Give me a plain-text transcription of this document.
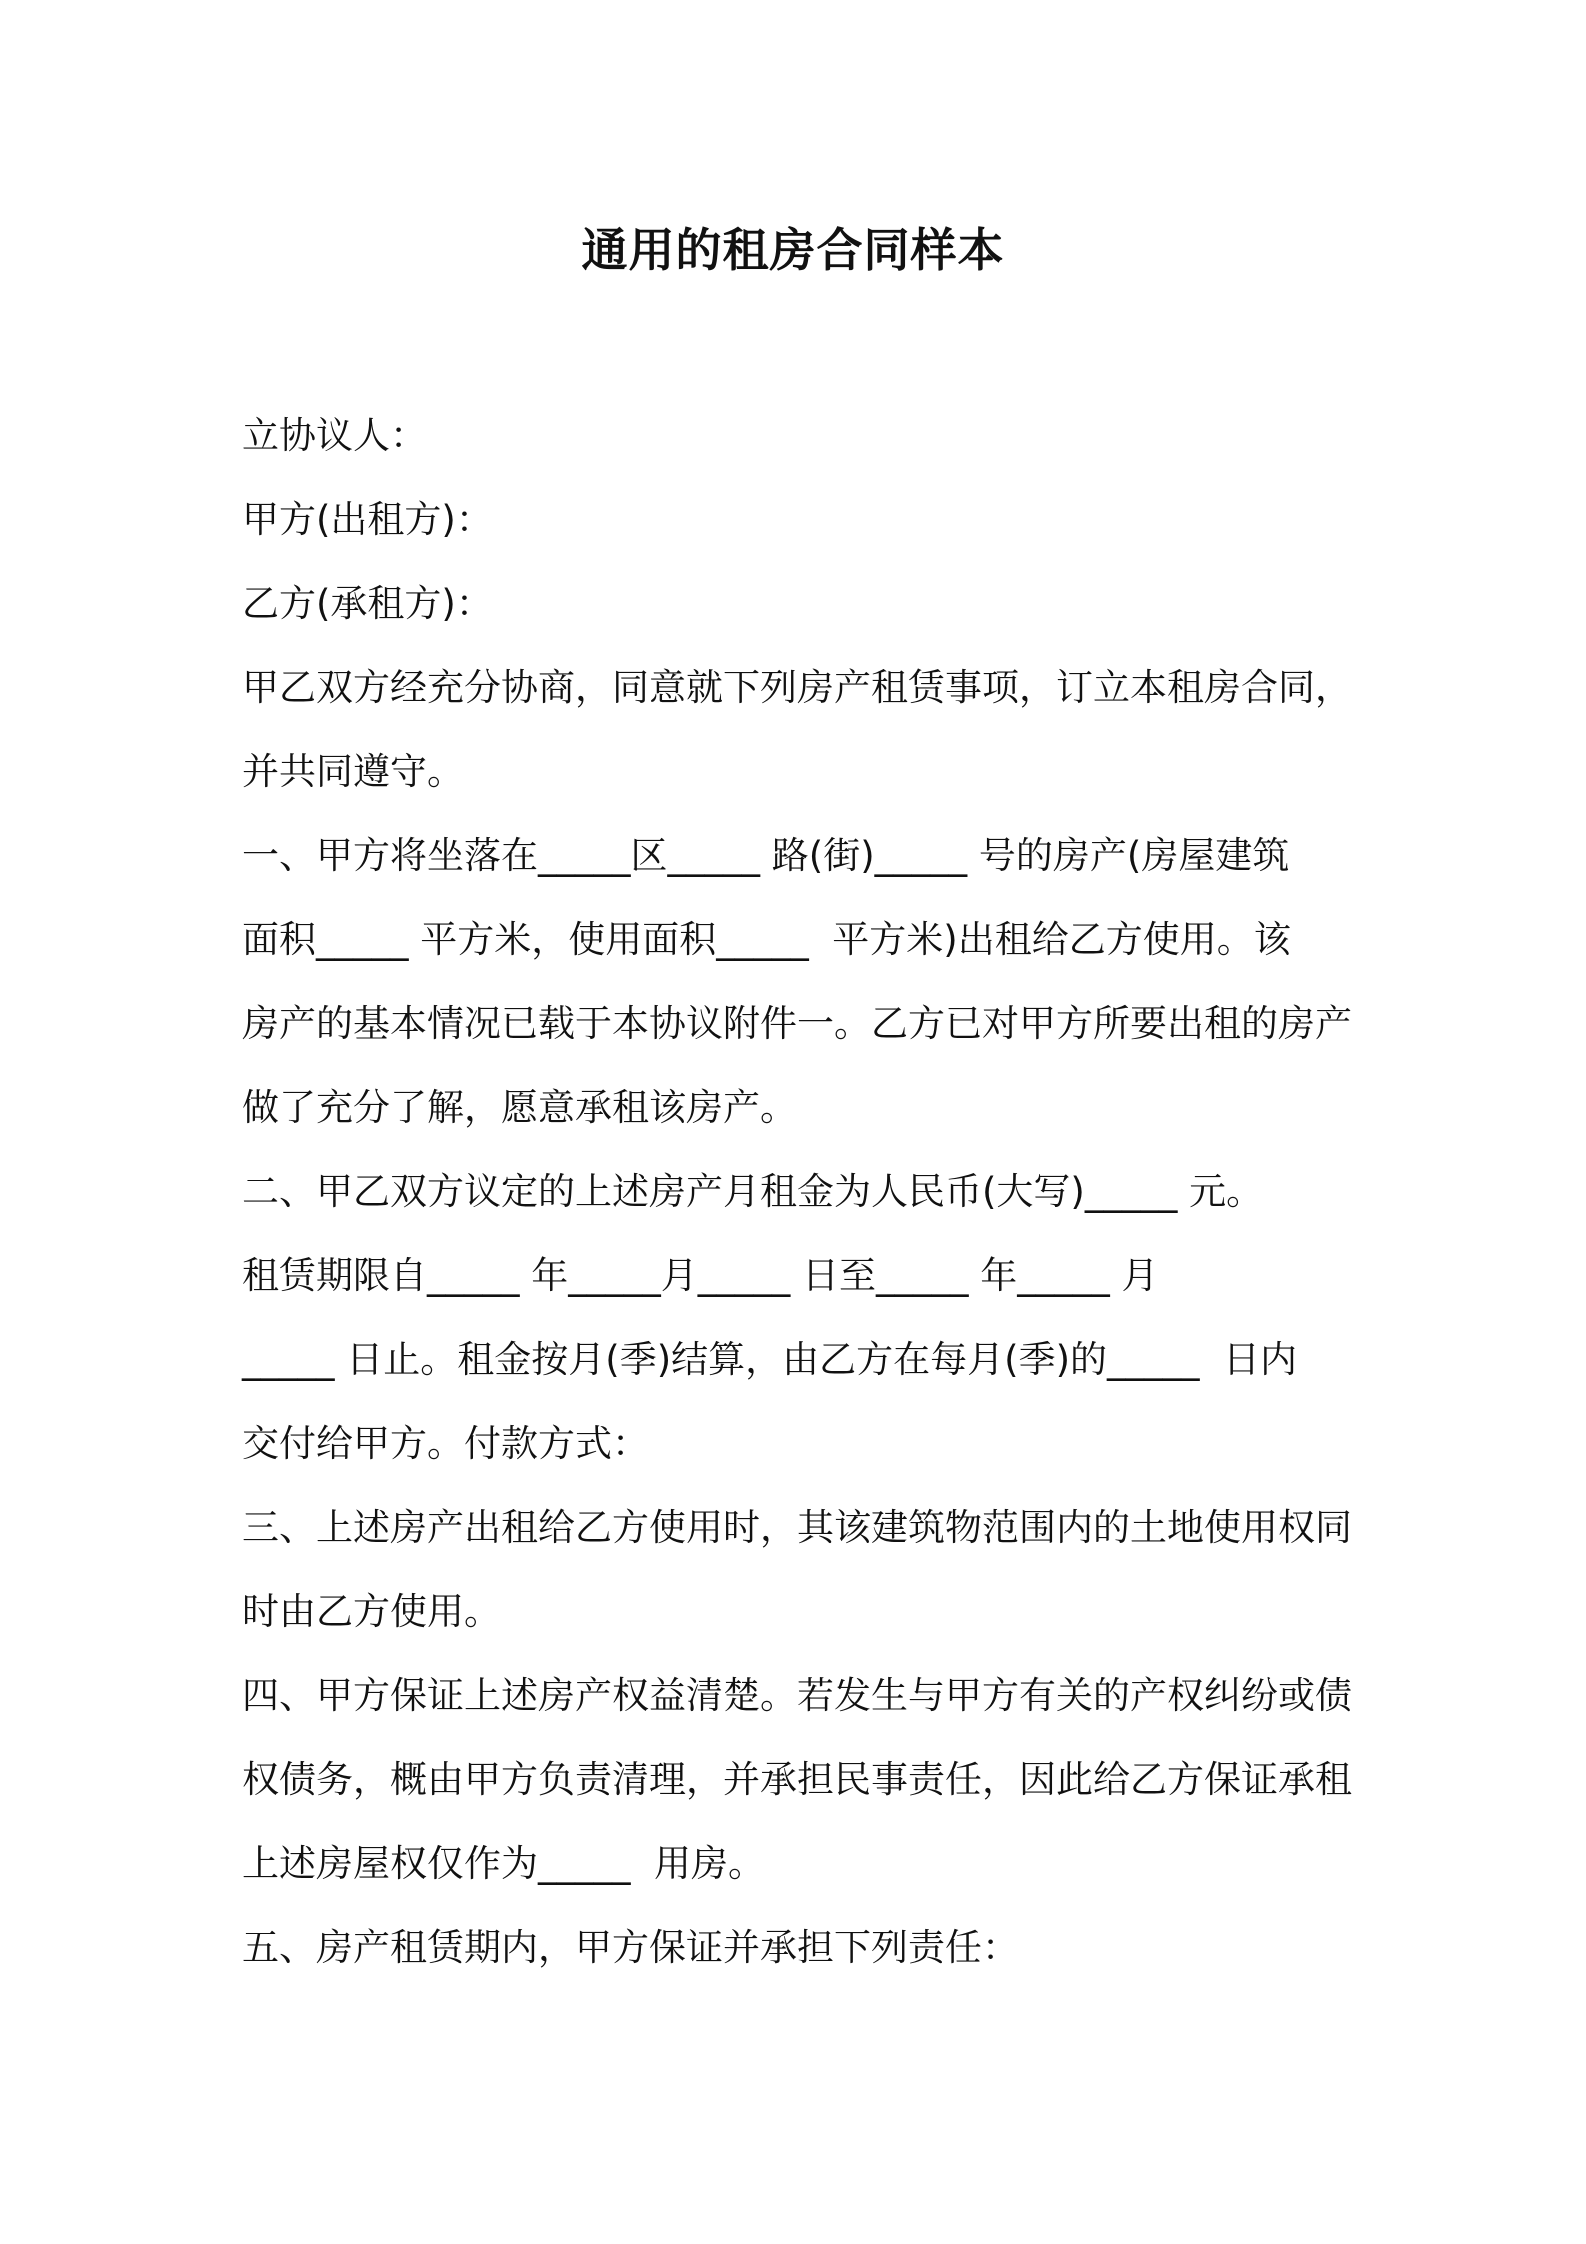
通用的租房合同样本

立协议人：

甲方(出租方)：

乙方(承租方)：

甲乙双方经充分协商，同意就下列房产租赁事项，订立本租房合同，

并共同遵守。

一、甲方将坐落在_____区_____ 路(街)_____ 号的房产(房屋建筑

面积_____ 平方米，使用面积_____  平方米)出租给乙方使用。该

房产的基本情况已载于本协议附件一。乙方已对甲方所要出租的房产

做了充分了解，愿意承租该房产。

二、甲乙双方议定的上述房产月租金为人民币(大写)_____ 元。

租赁期限自_____ 年_____月_____ 日至_____ 年_____ 月

_____ 日止。租金按月(季)结算，由乙方在每月(季)的_____  日内

交付给甲方。付款方式：

三、上述房产出租给乙方使用时，其该建筑物范围内的土地使用权同

时由乙方使用。

四、甲方保证上述房产权益清楚。若发生与甲方有关的产权纠纷或债

权债务，概由甲方负责清理，并承担民事责任，因此给乙方保证承租

上述房屋权仅作为_____  用房。

五、房产租赁期内，甲方保证并承担下列责任：
